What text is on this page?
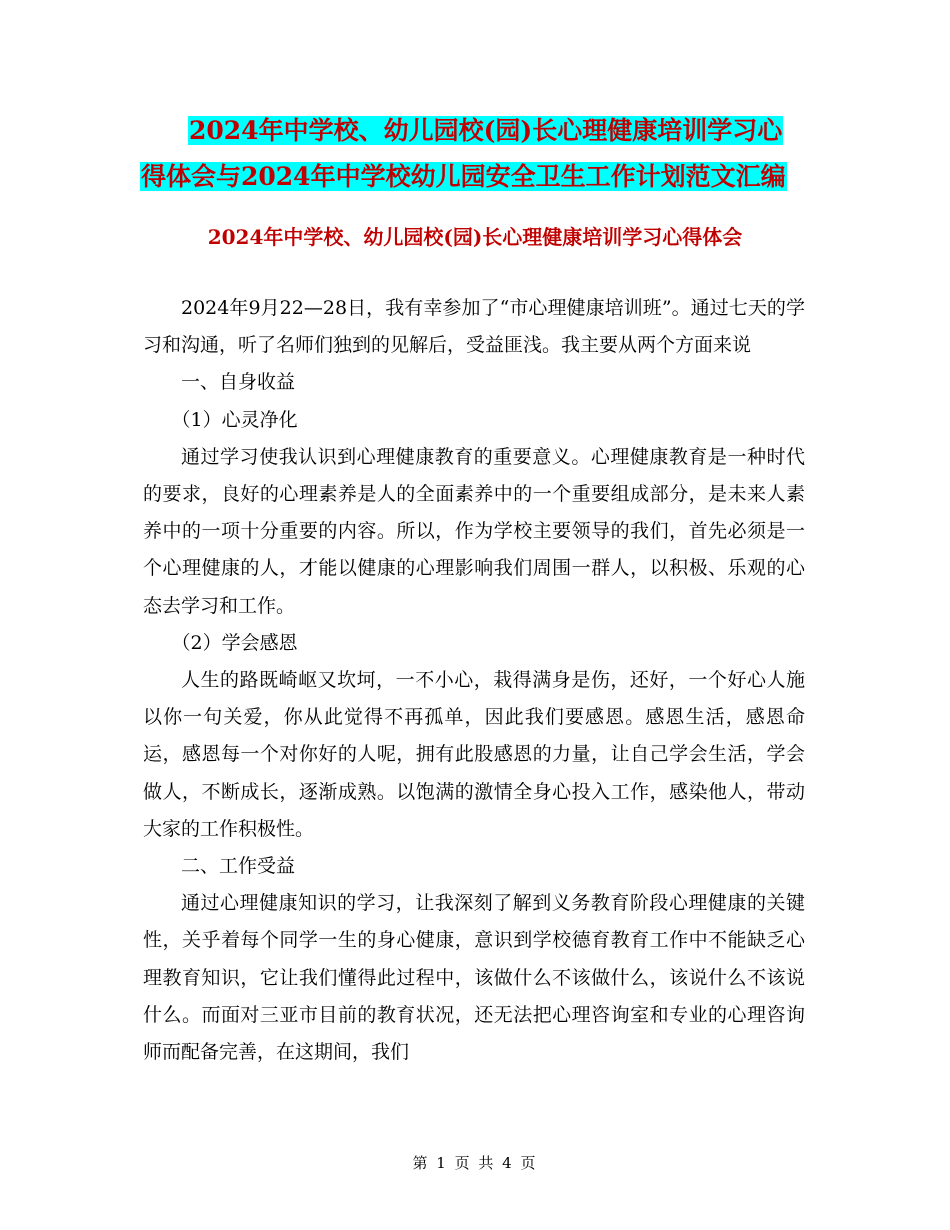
2024年中学校、幼儿园校(园)长心理健康培训学习心
得体会与2024年中学校幼儿园安全卫生工作计划范文汇编
2024年中学校、幼儿园校(园)长心理健康培训学习心得体会

2024年9月22—28日，我有幸参加了“市心理健康培训班”。通过七天的学习和沟通，听了名师们独到的见解后，受益匪浅。我主要从两个方面来说

一、自身收益

（1）心灵净化

通过学习使我认识到心理健康教育的重要意义。心理健康教育是一种时代的要求，良好的心理素养是人的全面素养中的一个重要组成部分，是未来人素养中的一项十分重要的内容。所以，作为学校主要领导的我们，首先必须是一个心理健康的人，才能以健康的心理影响我们周围一群人，以积极、乐观的心态去学习和工作。

（2）学会感恩

人生的路既崎岖又坎坷，一不小心，栽得满身是伤，还好，一个好心人施以你一句关爱，你从此觉得不再孤单，因此我们要感恩。感恩生活，感恩命运，感恩每一个对你好的人呢，拥有此股感恩的力量，让自己学会生活，学会做人，不断成长，逐渐成熟。以饱满的激情全身心投入工作，感染他人，带动大家的工作积极性。

二、工作受益

通过心理健康知识的学习，让我深刻了解到义务教育阶段心理健康的关键性，关乎着每个同学一生的身心健康，意识到学校德育教育工作中不能缺乏心理教育知识，它让我们懂得此过程中，该做什么不该做什么，该说什么不该说什么。而面对三亚市目前的教育状况，还无法把心理咨询室和专业的心理咨询师而配备完善，在这期间，我们

第 1 页 共 4 页
